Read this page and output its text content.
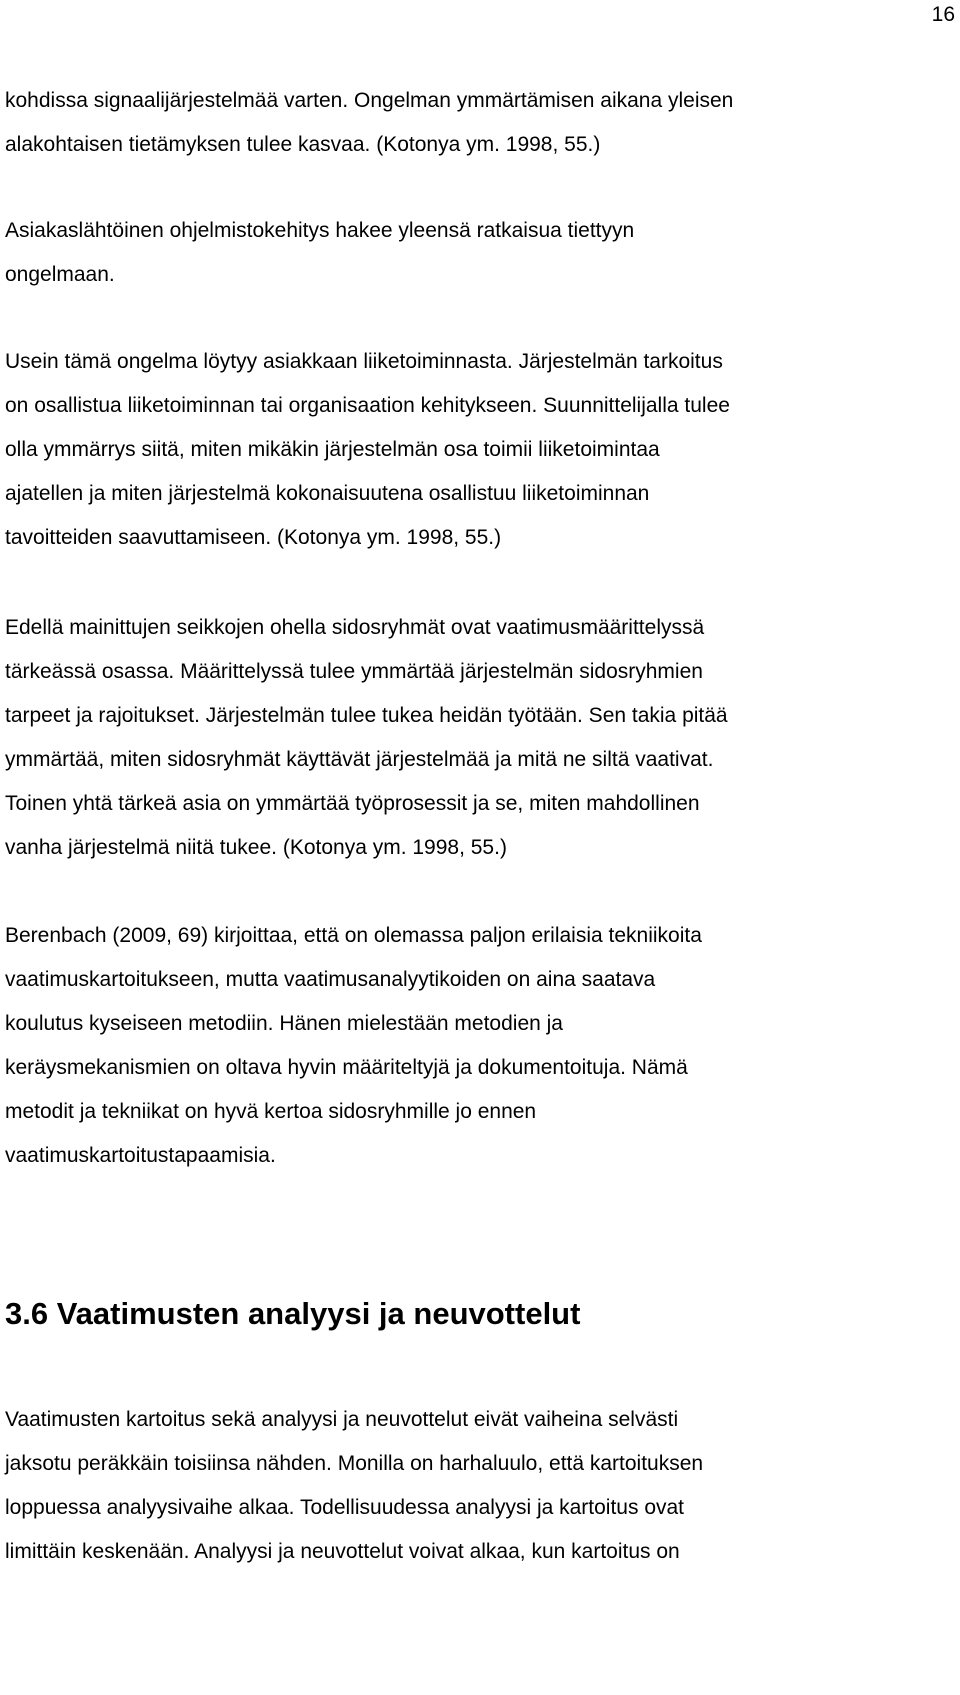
16

kohdissa signaalijärjestelmää varten. Ongelman ymmärtämisen aikana yleisen
alakohtaisen tietämyksen tulee kasvaa. (Kotonya ym. 1998, 55.)

Asiakaslähtöinen ohjelmistokehitys hakee yleensä ratkaisua tiettyyn
ongelmaan.

Usein tämä ongelma löytyy asiakkaan liiketoiminnasta. Järjestelmän tarkoitus
on osallistua liiketoiminnan tai organisaation kehitykseen. Suunnittelijalla tulee
olla ymmärrys siitä, miten mikäkin järjestelmän osa toimii liiketoimintaa
ajatellen ja miten järjestelmä kokonaisuutena osallistuu liiketoiminnan
tavoitteiden saavuttamiseen. (Kotonya ym. 1998, 55.)

Edellä mainittujen seikkojen ohella sidosryhmät ovat vaatimusmäärittelyssä
tärkeässä osassa. Määrittelyssä tulee ymmärtää järjestelmän sidosryhmien
tarpeet ja rajoitukset. Järjestelmän tulee tukea heidän työtään. Sen takia pitää
ymmärtää, miten sidosryhmät käyttävät järjestelmää ja mitä ne siltä vaativat.
Toinen yhtä tärkeä asia on ymmärtää työprosessit ja se, miten mahdollinen
vanha järjestelmä niitä tukee. (Kotonya ym. 1998, 55.)

Berenbach (2009, 69) kirjoittaa, että on olemassa paljon erilaisia tekniikoita
vaatimuskartoitukseen, mutta vaatimusanalyytikoiden on aina saatava
koulutus kyseiseen metodiin. Hänen mielestään metodien ja
keräysmekanismien on oltava hyvin määriteltyjä ja dokumentoituja. Nämä
metodit ja tekniikat on hyvä kertoa sidosryhmille jo ennen
vaatimuskartoitustapaamisia.

3.6 Vaatimusten analyysi ja neuvottelut

Vaatimusten kartoitus sekä analyysi ja neuvottelut eivät vaiheina selvästi
jaksotu peräkkäin toisiinsa nähden. Monilla on harhaluulo, että kartoituksen
loppuessa analyysivaihe alkaa. Todellisuudessa analyysi ja kartoitus ovat
limittäin keskenään. Analyysi ja neuvottelut voivat alkaa, kun kartoitus on
